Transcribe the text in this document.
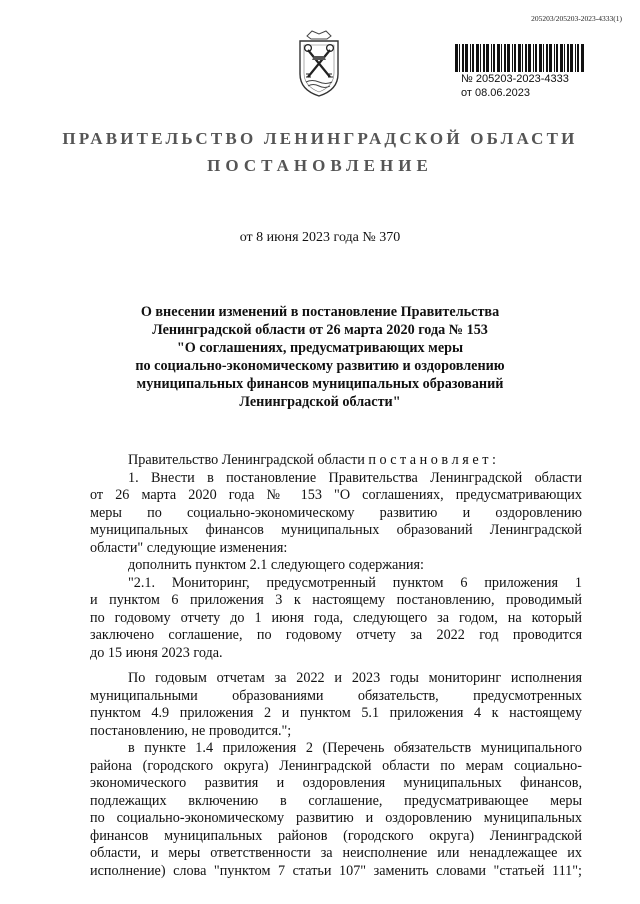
205203/205203-2023-4333(1)
№ 205203-2023-4333
от 08.06.2023
ПРАВИТЕЛЬСТВО ЛЕНИНГРАДСКОЙ ОБЛАСТИ
ПОСТАНОВЛЕНИЕ
от 8 июня 2023 года № 370
О внесении изменений в постановление Правительства
Ленинградской области от 26 марта 2020 года № 153
"О соглашениях, предусматривающих меры
по социально-экономическому развитию и оздоровлению
муниципальных финансов муниципальных образований
Ленинградской области"
Правительство Ленинградской области п о с т а н о в л я е т :
1. Внести в постановление Правительства Ленинградской области
от 26 марта 2020 года № 153 "О соглашениях, предусматривающих
меры по социально-экономическому развитию и оздоровлению
муниципальных финансов муниципальных образований Ленинградской
области" следующие изменения:
дополнить пунктом 2.1 следующего содержания:
"2.1. Мониторинг, предусмотренный пунктом 6 приложения 1
и пунктом 6 приложения 3 к настоящему постановлению, проводимый
по годовому отчету до 1 июня года, следующего за годом, на который
заключено соглашение, по годовому отчету за 2022 год проводится
до 15 июня 2023 года.
По годовым отчетам за 2022 и 2023 годы мониторинг исполнения
муниципальными образованиями обязательств, предусмотренных
пунктом 4.9 приложения 2 и пунктом 5.1 приложения 4 к настоящему
постановлению, не проводится.";
в пункте 1.4 приложения 2 (Перечень обязательств муниципального
района (городского округа) Ленинградской области по мерам социально-
экономического развития и оздоровления муниципальных финансов,
подлежащих включению в соглашение, предусматривающее меры
по социально-экономическому развитию и оздоровлению муниципальных
финансов муниципальных районов (городского округа) Ленинградской
области, и меры ответственности за неисполнение или ненадлежащее их
исполнение) слова "пунктом 7 статьи 107" заменить словами "статьей 111";
